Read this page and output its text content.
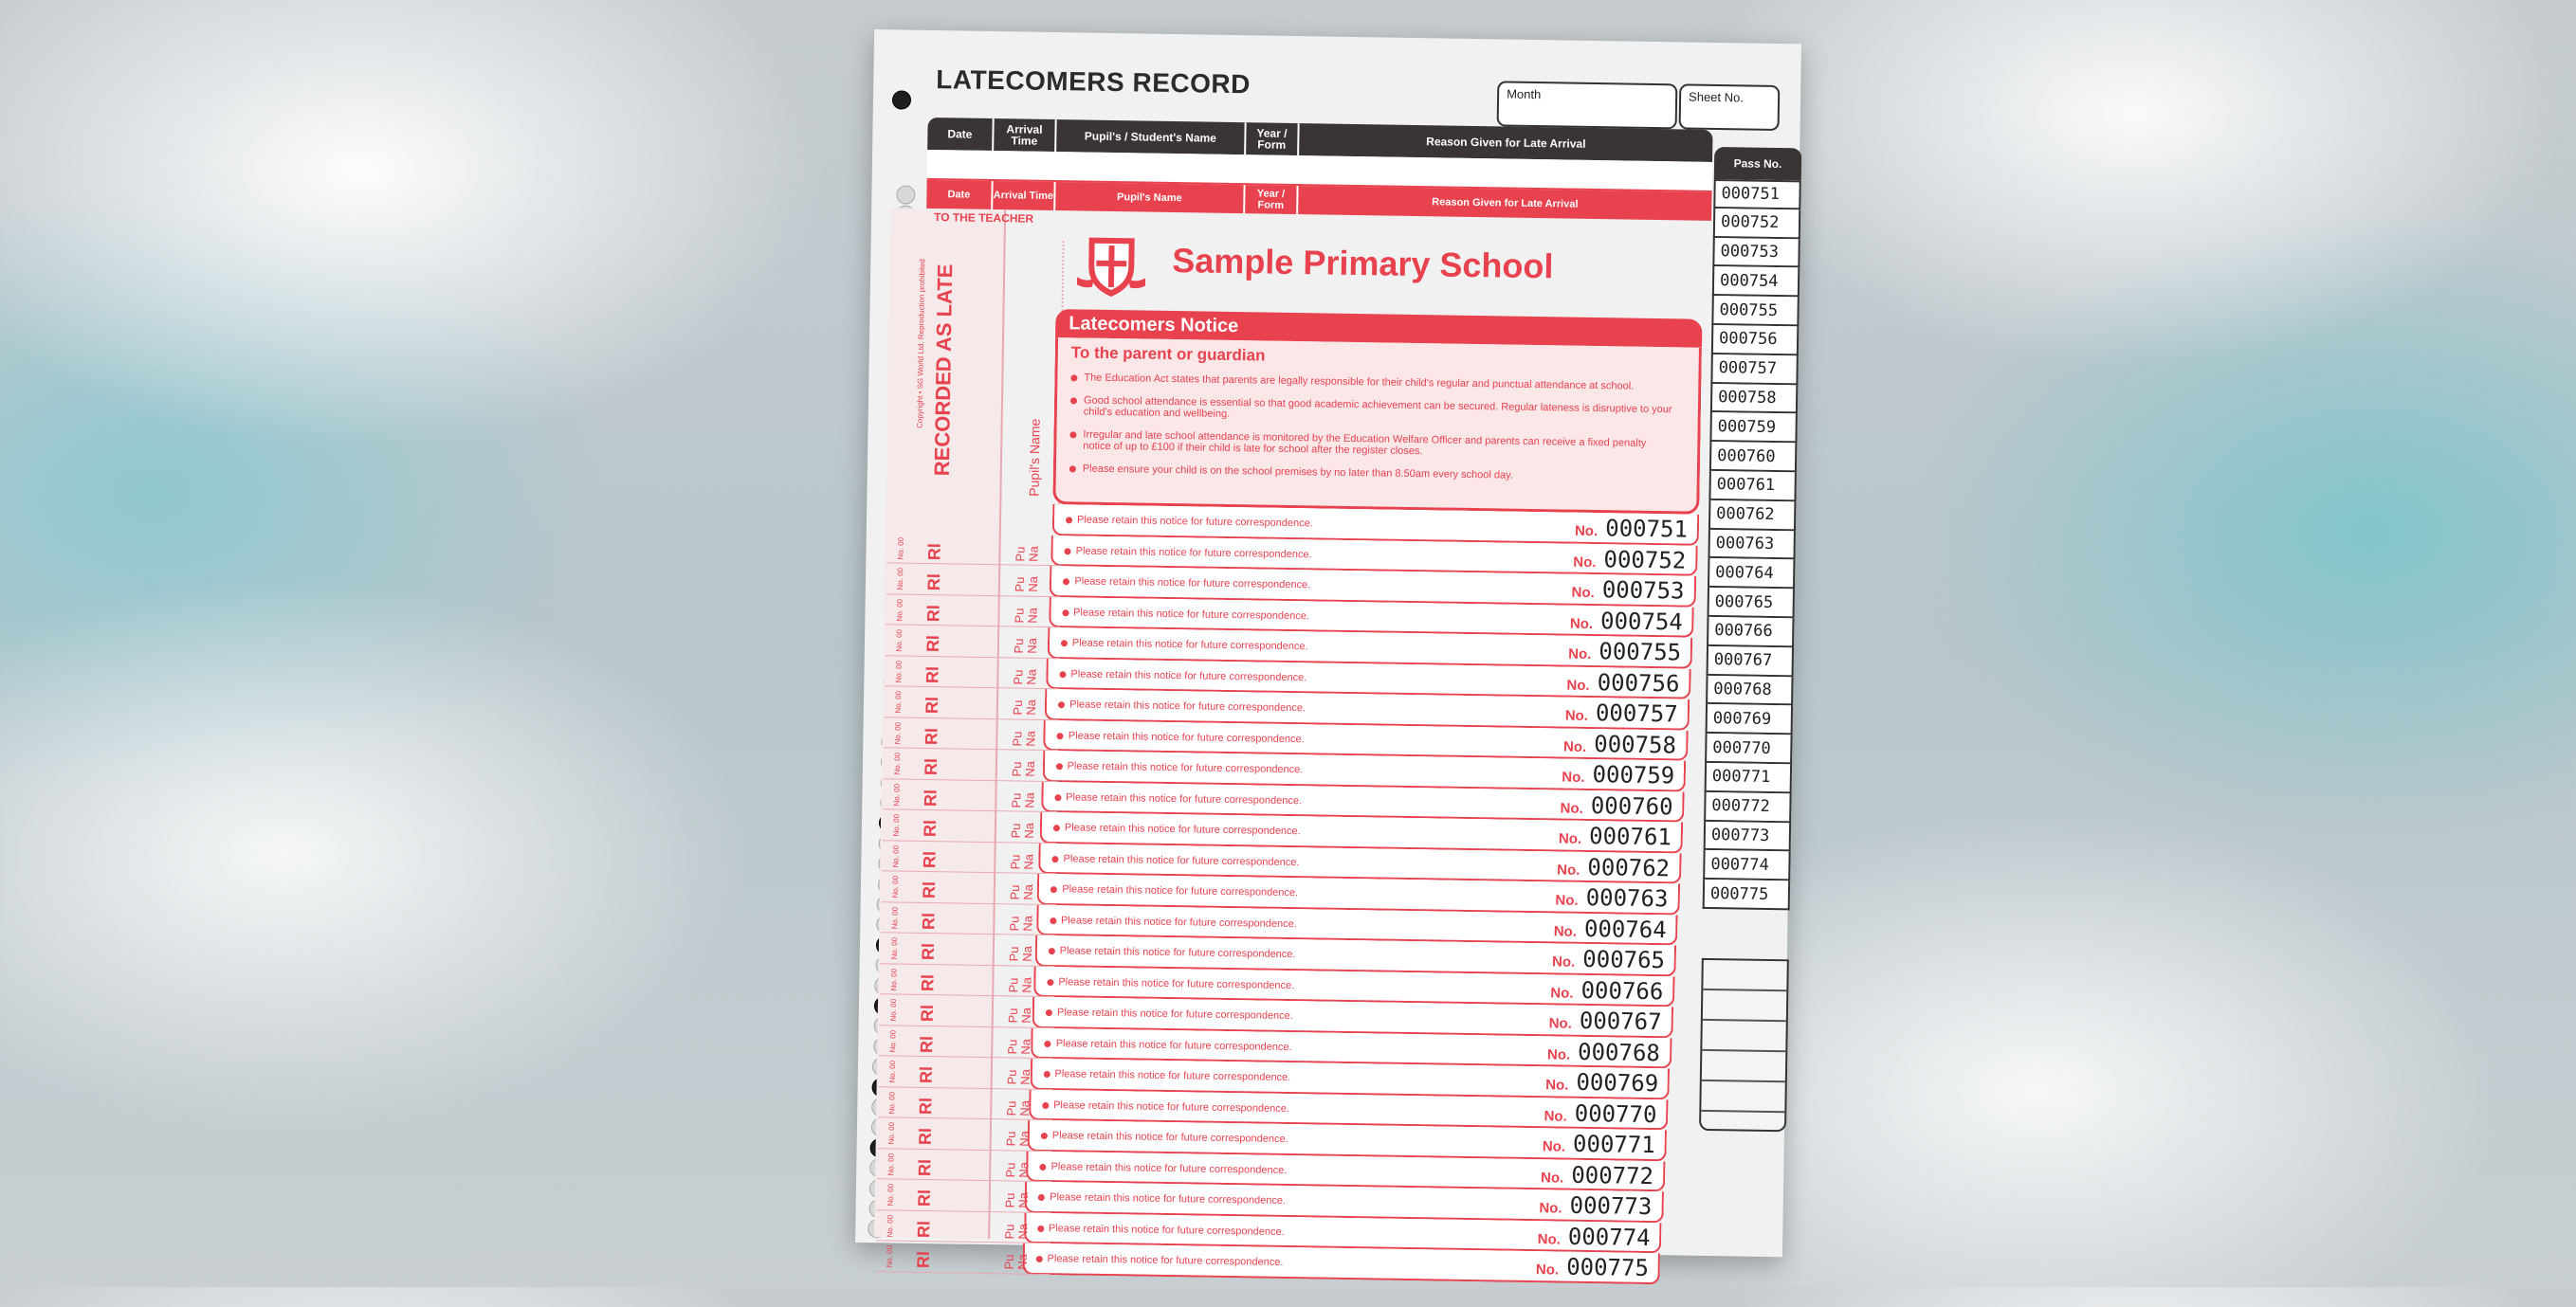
LATECOMERS RECORD	Month	Sheet No.
Date	Arrival Time	Pupil's / Student's Name	Year / Form	Reason Given for Late Arrival
Date	Arrival Time	Pupil's Name	Year / Form	Reason Given for Late Arrival
Pass No.
000751
000752
000753
000754
000755
000756
000757
000758
000759
000760
000761
000762
000763
000764
000765
000766
000767
000768
000769
000770
000771
000772
000773
000774
000775
TO THE TEACHER
RECORDED AS LATE	Pupil's Name
Copyright • SG World Ltd. Reproduction prohibited	Sample Primary School
Latecomers Notice
To the parent or guardian
The Education Act states that parents are legally responsible for their child's regular and punctual attendance at school.
Good school attendance is essential so that good academic achievement can be secured. Regular lateness is disruptive to your child's education and wellbeing.
Irregular and late school attendance is monitored by the Education Welfare Officer and parents can receive a fixed penalty notice of up to £100 if their child is late for school after the register closes.
Please ensure your child is on the school premises by no later than 8.50am every school day.
Please retain this notice for future correspondence.
No. 000751
Please retain this notice for future correspondence.
No. 000752
Please retain this notice for future correspondence.
No. 000753
Please retain this notice for future correspondence.
No. 000754
Please retain this notice for future correspondence.
No. 000755
Please retain this notice for future correspondence.
No. 000756
Please retain this notice for future correspondence.
No. 000757
Please retain this notice for future correspondence.
No. 000758
Please retain this notice for future correspondence.
No. 000759
Please retain this notice for future correspondence.
No. 000760
Please retain this notice for future correspondence.
No. 000761
Please retain this notice for future correspondence.
No. 000762
Please retain this notice for future correspondence.
No. 000763
Please retain this notice for future correspondence.
No. 000764
Please retain this notice for future correspondence.
No. 000765
Please retain this notice for future correspondence.
No. 000766
Please retain this notice for future correspondence.
No. 000767
Please retain this notice for future correspondence.
No. 000768
Please retain this notice for future correspondence.
No. 000769
Please retain this notice for future correspondence.
No. 000770
Please retain this notice for future correspondence.
No. 000771
Please retain this notice for future correspondence.
No. 000772
Please retain this notice for future correspondence.
No. 000773
Please retain this notice for future correspondence.
No. 000774
Please retain this notice for future correspondence.
No. 000775
No. 00 Rl	Pu
Na
No. 00 Rl	Pu
Na
No. 00 Rl	Pu
Na
No. 00 Rl	Pu
Na
No. 00 Rl	Pu
Na
No. 00 Rl	Pu
Na
No. 00 Rl	Pu
Na
No. 00 Rl	Pu
Na
No. 00 Rl	Pu
Na
No. 00 Rl	Pu
Na
No. 00 Rl	Pu
Na
No. 00 Rl	Pu
Na
No. 00 Rl	Pu
Na
No. 00 Rl	Pu
Na
No. 00 Rl	Pu
Na
No. 00 Rl	Pu
Na
No. 00 Rl	Pu
Na
No. 00 Rl	Pu
Na
No. 00 Rl	Pu
Na
No. 00 Rl	Pu
Na
No. 00 Rl	Pu
Na
No. 00 Rl	Pu
Na
No. 00 Rl	Pu
Na
No. 00 Rl	Pu
Na
